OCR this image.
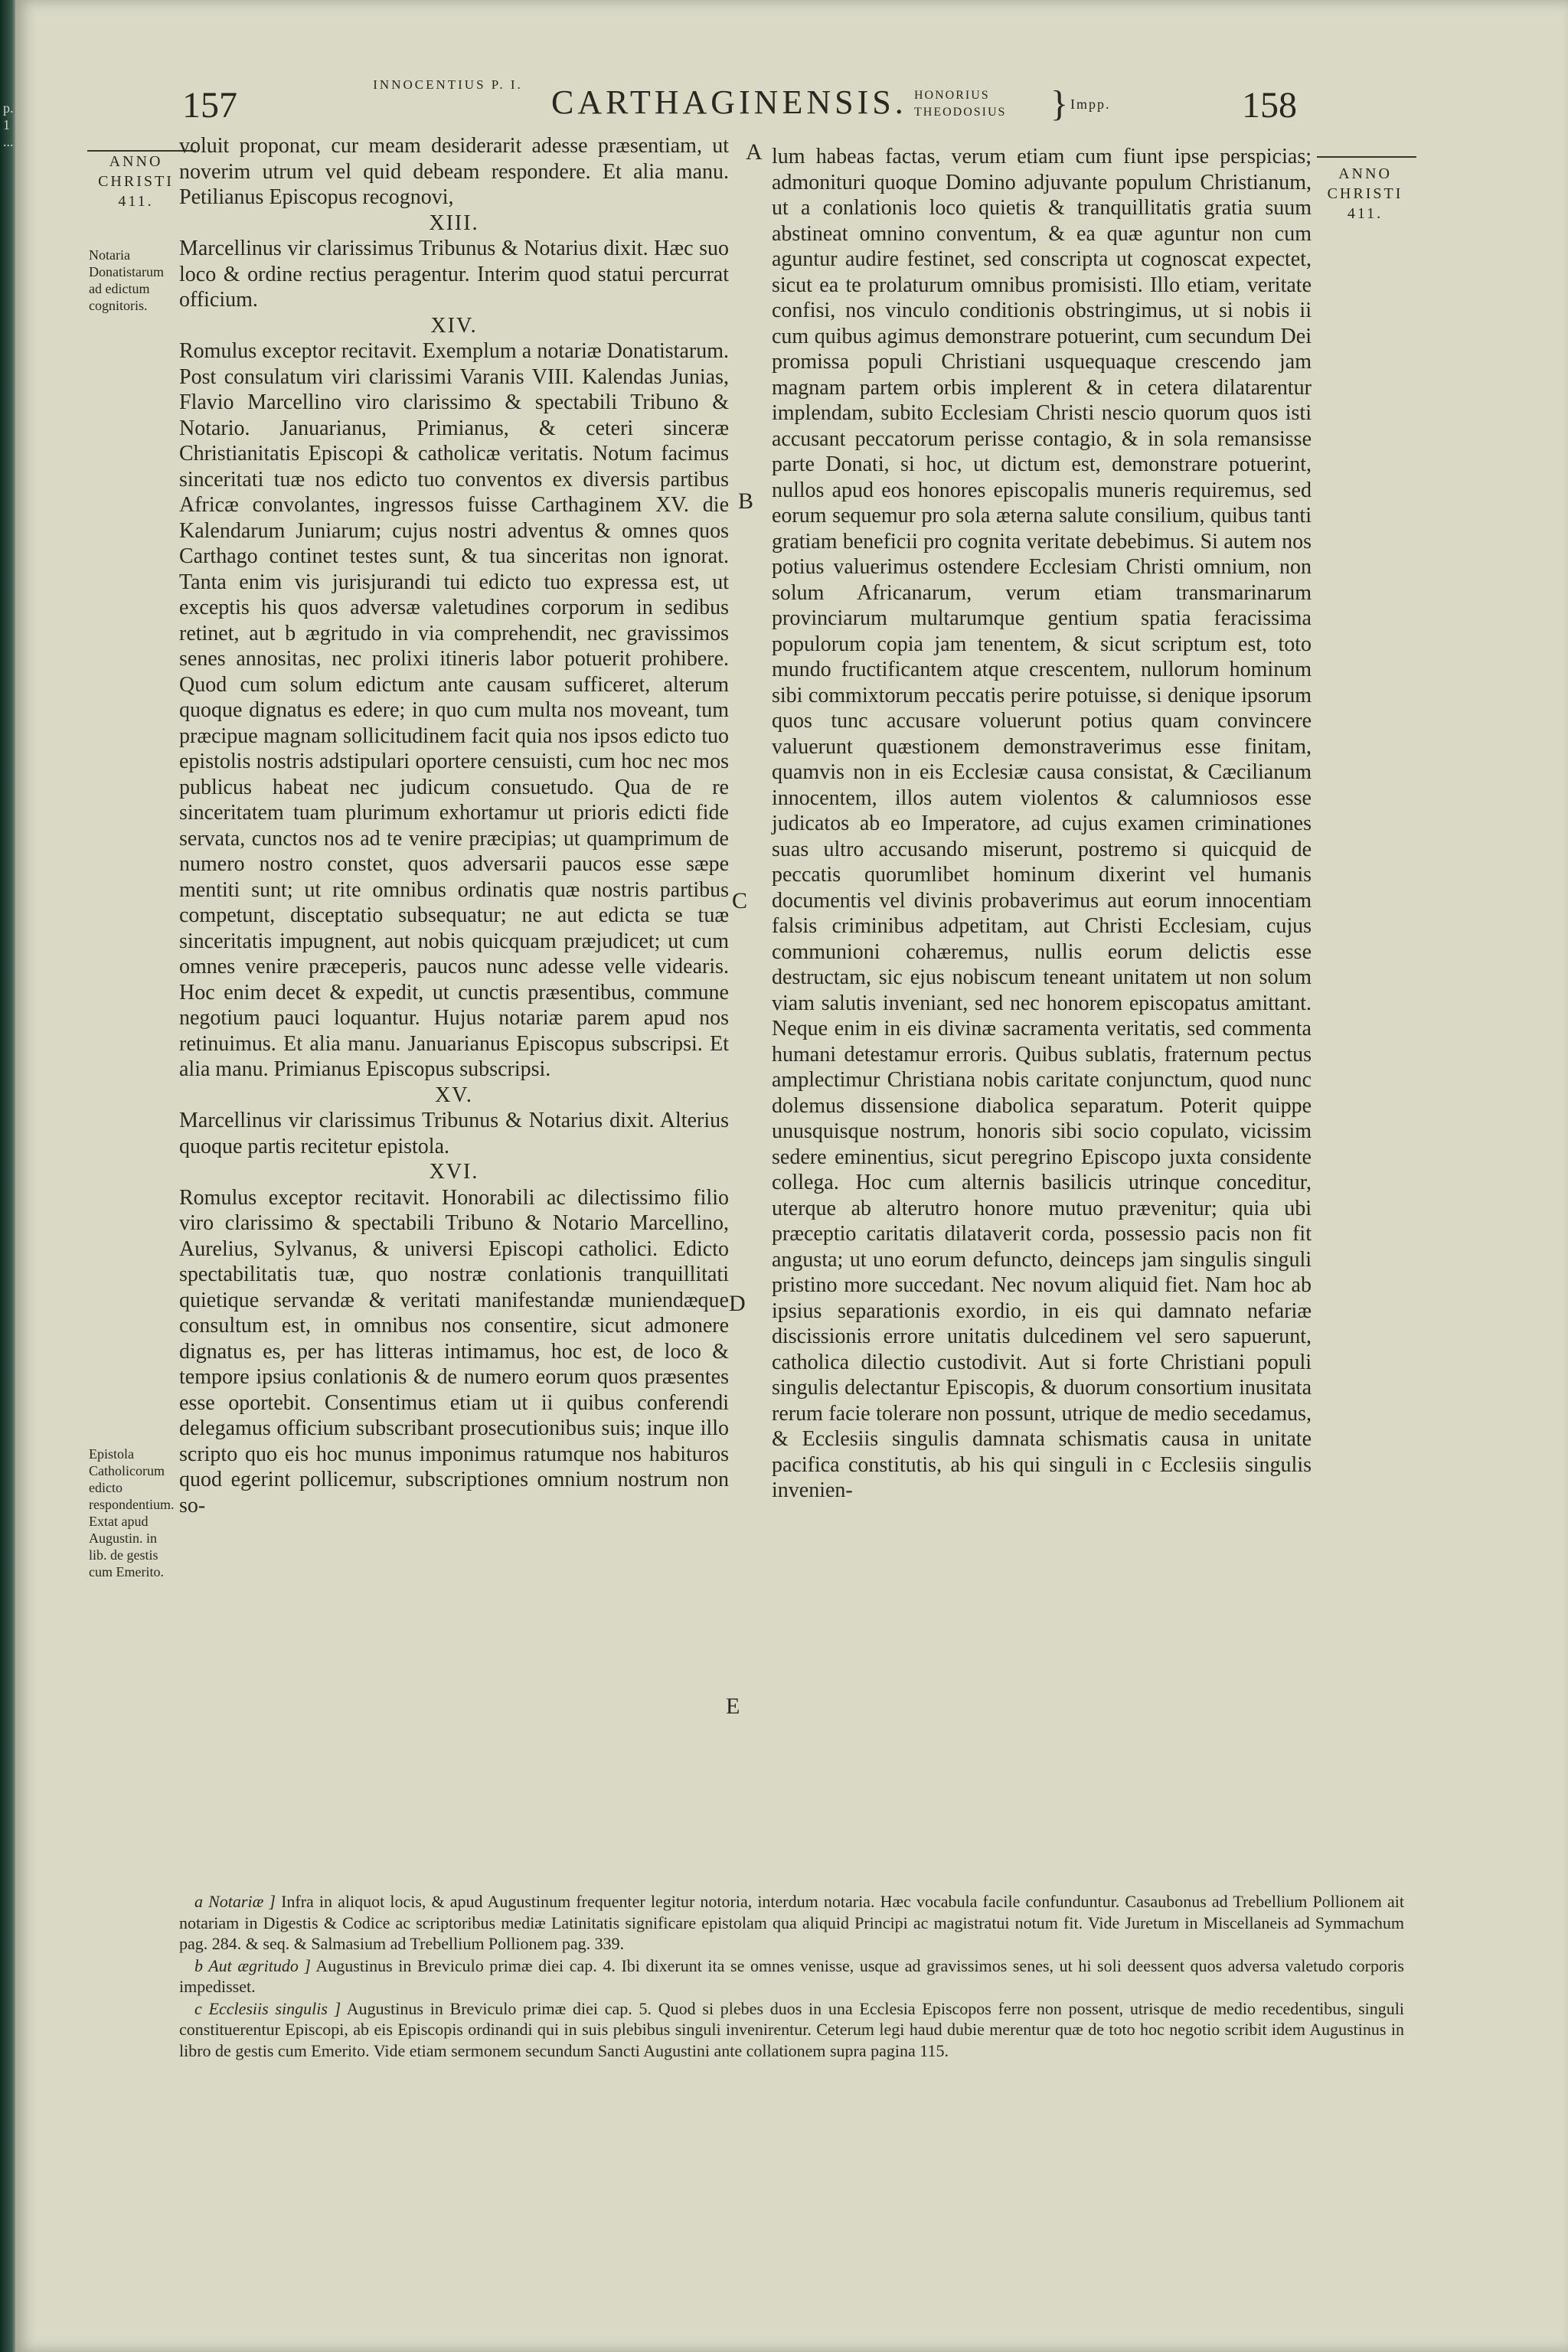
p. 1 ...
157
INNOCENTIUS P. I. CARTHAGINENSIS. HONORIUS THEODOSIUS	} Impp.	158
ANNO CHRISTI 411.
Notaria Donatistarum ad edictum cognitoris.
Epistola Catholicorum edicto respondentium. Extat apud Augustin. in lib. de gestis cum Emerito.
ANNO CHRISTI 411.
A
B
C
D
E

voluit proponat, cur meam desiderarit adesse præsentiam, ut noverim utrum vel quid debeam respondere. Et alia manu. Petilianus Episcopus recognovi,

XIII.

Marcellinus vir clarissimus Tribunus & Notarius dixit. Hæc suo loco & ordine rectius peragentur. Interim quod statui percurrat officium.

XIV.

Romulus exceptor recitavit. Exemplum a notariæ Donatistarum. Post consulatum viri clarissimi Varanis VIII. Kalendas Junias, Flavio Marcellino viro clarissimo & spectabili Tribuno & Notario. Januarianus, Primianus, & ceteri sinceræ Christianitatis Episcopi & catholicæ veritatis. Notum facimus sinceritati tuæ nos edicto tuo conventos ex diversis partibus Africæ convolantes, ingressos fuisse Carthaginem XV. die Kalendarum Juniarum; cujus nostri adventus & omnes quos Carthago continet testes sunt, & tua sinceritas non ignorat. Tanta enim vis jurisjurandi tui edicto tuo expressa est, ut exceptis his quos adversæ valetudines corporum in sedibus retinet, aut b ægritudo in via comprehendit, nec gravissimos senes annositas, nec prolixi itineris labor potuerit prohibere. Quod cum solum edictum ante causam sufficeret, alterum quoque dignatus es edere; in quo cum multa nos moveant, tum præcipue magnam sollicitudinem facit quia nos ipsos edicto tuo epistolis nostris adstipulari oportere censuisti, cum hoc nec mos publicus habeat nec judicum consuetudo. Qua de re sinceritatem tuam plurimum exhortamur ut prioris edicti fide servata, cunctos nos ad te venire præcipias; ut quamprimum de numero nostro constet, quos adversarii paucos esse sæpe mentiti sunt; ut rite omnibus ordinatis quæ nostris partibus competunt, disceptatio subsequatur; ne aut edicta se tuæ sinceritatis impugnent, aut nobis quicquam præjudicet; ut cum omnes venire præceperis, paucos nunc adesse velle videaris. Hoc enim decet & expedit, ut cunctis præsentibus, commune negotium pauci loquantur. Hujus notariæ parem apud nos retinuimus. Et alia manu. Januarianus Episcopus subscripsi. Et alia manu. Primianus Episcopus subscripsi.

XV.

Marcellinus vir clarissimus Tribunus & Notarius dixit. Alterius quoque partis recitetur epistola.

XVI.

Romulus exceptor recitavit. Honorabili ac dilectissimo filio viro clarissimo & spectabili Tribuno & Notario Marcellino, Aurelius, Sylvanus, & universi Episcopi catholici. Edicto spectabilitatis tuæ, quo nostræ conlationis tranquillitati quietique servandæ & veritati manifestandæ muniendæque consultum est, in omnibus nos consentire, sicut admonere dignatus es, per has litteras intimamus, hoc est, de loco & tempore ipsius conlationis & de numero eorum quos præsentes esse oportebit. Consentimus etiam ut ii quibus conferendi delegamus officium subscribant prosecutionibus suis; inque illo scripto quo eis hoc munus imponimus ratumque nos habituros quod egerint pollicemur, subscriptiones omnium nostrum non so-

lum habeas factas, verum etiam cum fiunt ipse perspicias; admonituri quoque Domino adjuvante populum Christianum, ut a conlationis loco quietis & tranquillitatis gratia suum abstineat omnino conventum, & ea quæ aguntur non cum aguntur audire festinet, sed conscripta ut cognoscat expectet, sicut ea te prolaturum omnibus promisisti. Illo etiam, veritate confisi, nos vinculo conditionis obstringimus, ut si nobis ii cum quibus agimus demonstrare potuerint, cum secundum Dei promissa populi Christiani usquequaque crescendo jam magnam partem orbis implerent & in cetera dilatarentur implendam, subito Ecclesiam Christi nescio quorum quos isti accusant peccatorum perisse contagio, & in sola remansisse parte Donati, si hoc, ut dictum est, demonstrare potuerint, nullos apud eos honores episcopalis muneris requiremus, sed eorum sequemur pro sola æterna salute consilium, quibus tanti gratiam beneficii pro cognita veritate debebimus. Si autem nos potius valuerimus ostendere Ecclesiam Christi omnium, non solum Africanarum, verum etiam transmarinarum provinciarum multarumque gentium spatia feracissima populorum copia jam tenentem, & sicut scriptum est, toto mundo fructificantem atque crescentem, nullorum hominum sibi commixtorum peccatis perire potuisse, si denique ipsorum quos tunc accusare voluerunt potius quam convincere valuerunt quæstionem demonstraverimus esse finitam, quamvis non in eis Ecclesiæ causa consistat, & Cæcilianum innocentem, illos autem violentos & calumniosos esse judicatos ab eo Imperatore, ad cujus examen criminationes suas ultro accusando miserunt, postremo si quicquid de peccatis quorumlibet hominum dixerint vel humanis documentis vel divinis probaverimus aut eorum innocentiam falsis criminibus adpetitam, aut Christi Ecclesiam, cujus communioni cohæremus, nullis eorum delictis esse destructam, sic ejus nobiscum teneant unitatem ut non solum viam salutis inveniant, sed nec honorem episcopatus amittant. Neque enim in eis divinæ sacramenta veritatis, sed commenta humani detestamur erroris. Quibus sublatis, fraternum pectus amplectimur Christiana nobis caritate conjunctum, quod nunc dolemus dissensione diabolica separatum. Poterit quippe unusquisque nostrum, honoris sibi socio copulato, vicissim sedere eminentius, sicut peregrino Episcopo juxta considente collega. Hoc cum alternis basilicis utrinque conceditur, uterque ab alterutro honore mutuo prævenitur; quia ubi præceptio caritatis dilataverit corda, possessio pacis non fit angusta; ut uno eorum defuncto, deinceps jam singulis singuli pristino more succedant. Nec novum aliquid fiet. Nam hoc ab ipsius separationis exordio, in eis qui damnato nefariæ discissionis errore unitatis dulcedinem vel sero sapuerunt, catholica dilectio custodivit. Aut si forte Christiani populi singulis delectantur Episcopis, & duorum consortium inusitata rerum facie tolerare non possunt, utrique de medio secedamus, & Ecclesiis singulis damnata schismatis causa in unitate pacifica constitutis, ab his qui singuli in c Ecclesiis singulis invenien-

a Notariæ ] Infra in aliquot locis, & apud Augustinum frequenter legitur notoria, interdum notaria. Hæc vocabula facile confunduntur. Casaubonus ad Trebellium Pollionem ait notariam in Digestis & Codice ac scriptoribus mediæ Latinitatis significare epistolam qua aliquid Principi ac magistratui notum fit. Vide Juretum in Miscellaneis ad Symmachum pag. 284. & seq. & Salmasium ad Trebellium Pollionem pag. 339.

b Aut ægritudo ] Augustinus in Breviculo primæ diei cap. 4. Ibi dixerunt ita se omnes venisse, usque ad gravissimos senes, ut hi soli deessent quos adversa valetudo corporis impedisset.

c Ecclesiis singulis ] Augustinus in Breviculo primæ diei cap. 5. Quod si plebes duos in una Ecclesia Episcopos ferre non possent, utrisque de medio recedentibus, singuli constituerentur Episcopi, ab eis Episcopis ordinandi qui in suis plebibus singuli invenirentur. Ceterum legi haud dubie merentur quæ de toto hoc negotio scribit idem Augustinus in libro de gestis cum Emerito. Vide etiam sermonem secundum Sancti Augustini ante collationem supra pagina 115.
